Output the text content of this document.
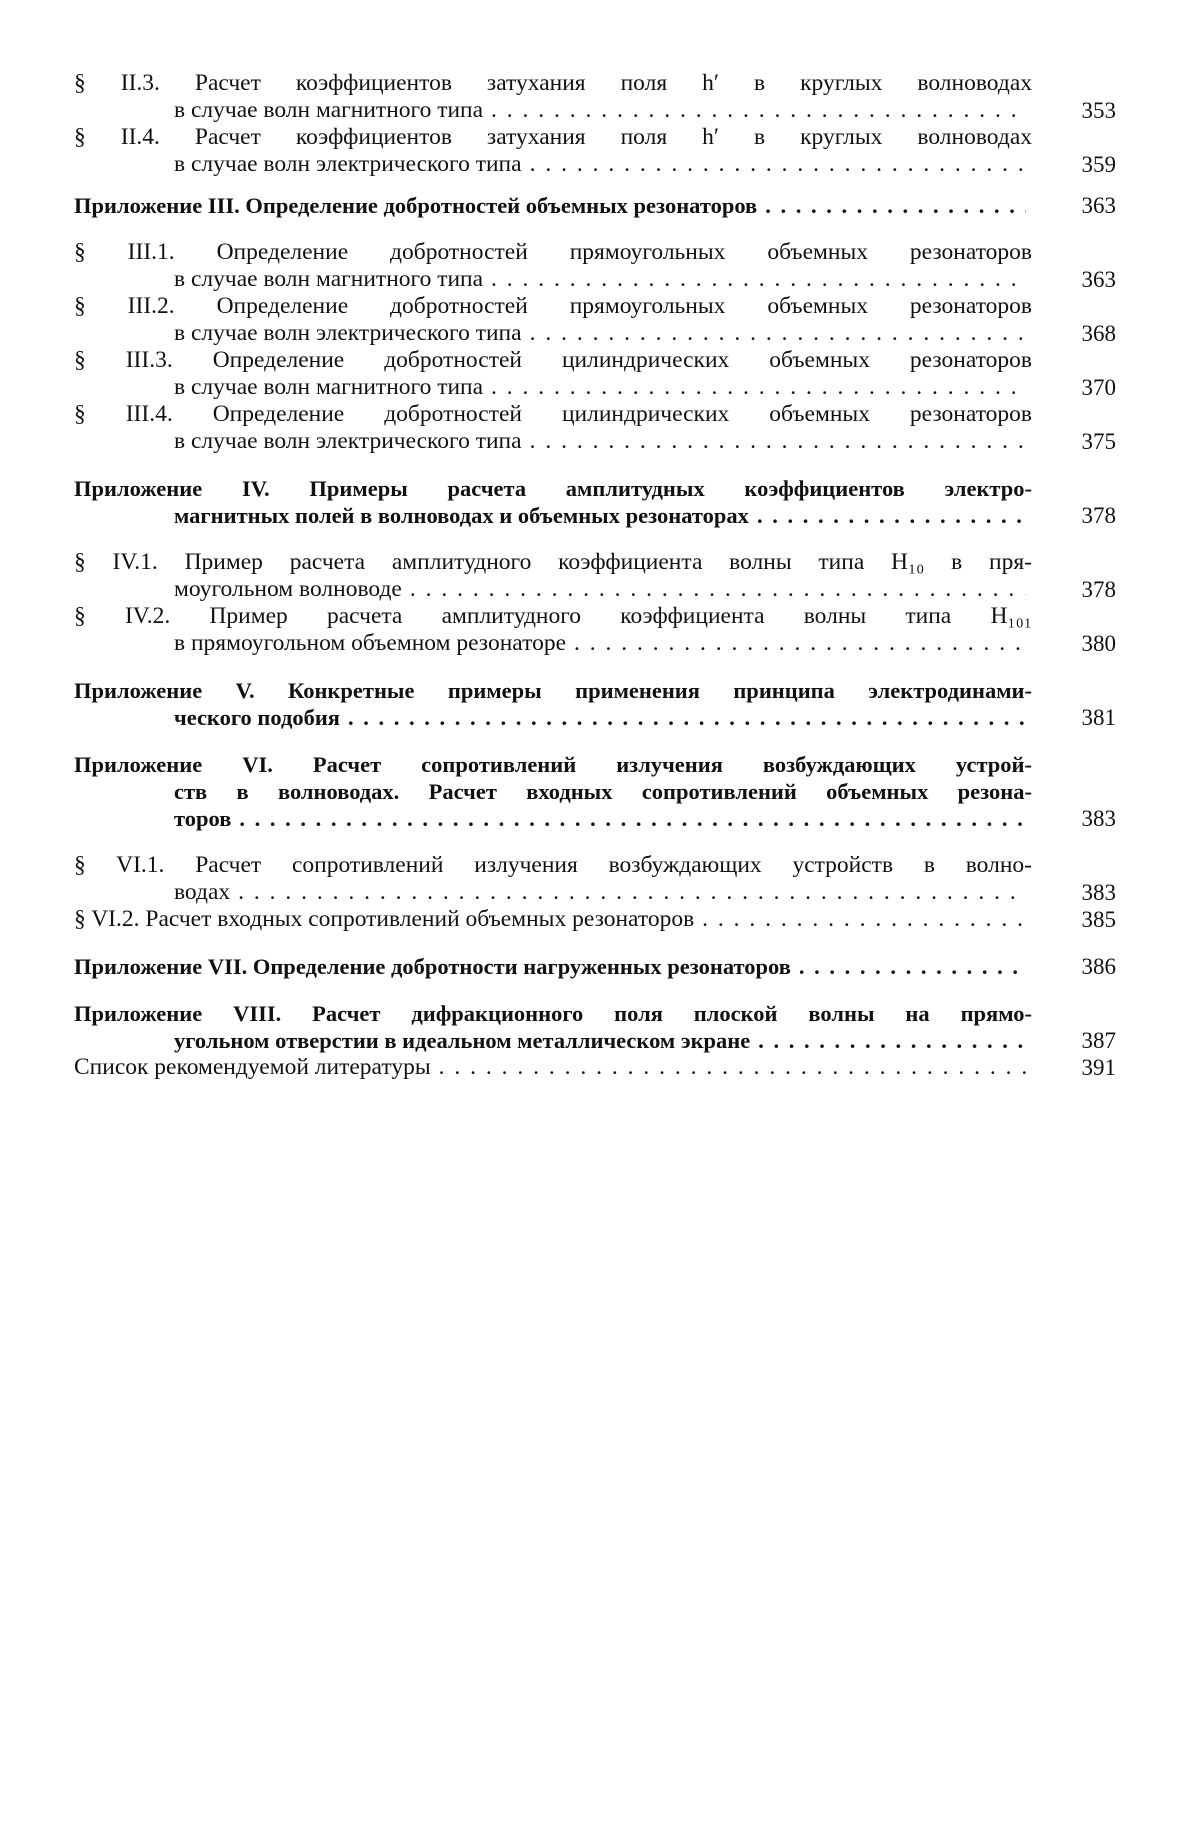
§ II.3. Расчет коэффициентов затухания поля h′ в круглых волноводах
в случае волн магнитного типа . . .	353
§ II.4. Расчет коэффициентов затухания поля h′ в круглых волноводах
в случае волн электрического типа . . .	359
Приложение III. Определение добротностей объемных резонаторов . . .	363
§ III.1. Определение добротностей прямоугольных объемных резонаторов
в случае волн магнитного типа . . .	363
§ III.2. Определение добротностей прямоугольных объемных резонаторов
в случае волн электрического типа . . .	368
§ III.3. Определение добротностей цилиндрических объемных резонаторов
в случае волн магнитного типа . . .	370
§ III.4. Определение добротностей цилиндрических объемных резонаторов
в случае волн электрического типа . . .	375
Приложение IV. Примеры расчета амплитудных коэффициентов электро-
магнитных полей в волноводах и объемных резонаторах . . .	378
§ IV.1. Пример расчета амплитудного коэффициента волны типа H₁₀ в пря-
моугольном волноводе . . .	378
§ IV.2. Пример расчета амплитудного коэффициента волны типа H₁₀₁
в прямоугольном объемном резонаторе . . .	380
Приложение V. Конкретные примеры применения принципа электродинами-
ческого подобия . . .	381
Приложение VI. Расчет сопротивлений излучения возбуждающих устрой-
ств в волноводах. Расчет входных сопротивлений объемных резона-
торов . . .	383
§ VI.1. Расчет сопротивлений излучения возбуждающих устройств в волно-
водах . . .	383
§ VI.2. Расчет входных сопротивлений объемных резонаторов . . .	385
Приложение VII. Определение добротности нагруженных резонаторов . . .	386
Приложение VIII. Расчет дифракционного поля плоской волны на прямо-
угольном отверстии в идеальном металлическом экране . . .	387
Список рекомендуемой литературы . . .	391
